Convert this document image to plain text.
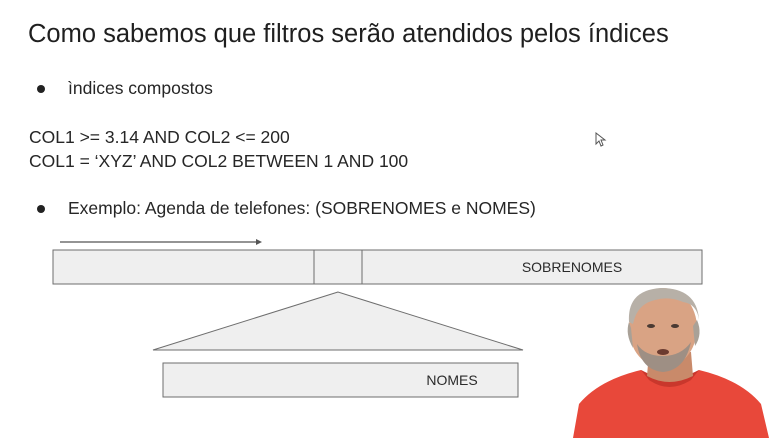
Como sabemos que filtros serão atendidos pelos índices
ìndices compostos
COL1 >= 3.14 AND COL2 <= 200
COL1 = ‘XYZ’ AND COL2 BETWEEN 1 AND 100
Exemplo: Agenda de telefones: (SOBRENOMES e NOMES)
SOBRENOMES
NOMES
